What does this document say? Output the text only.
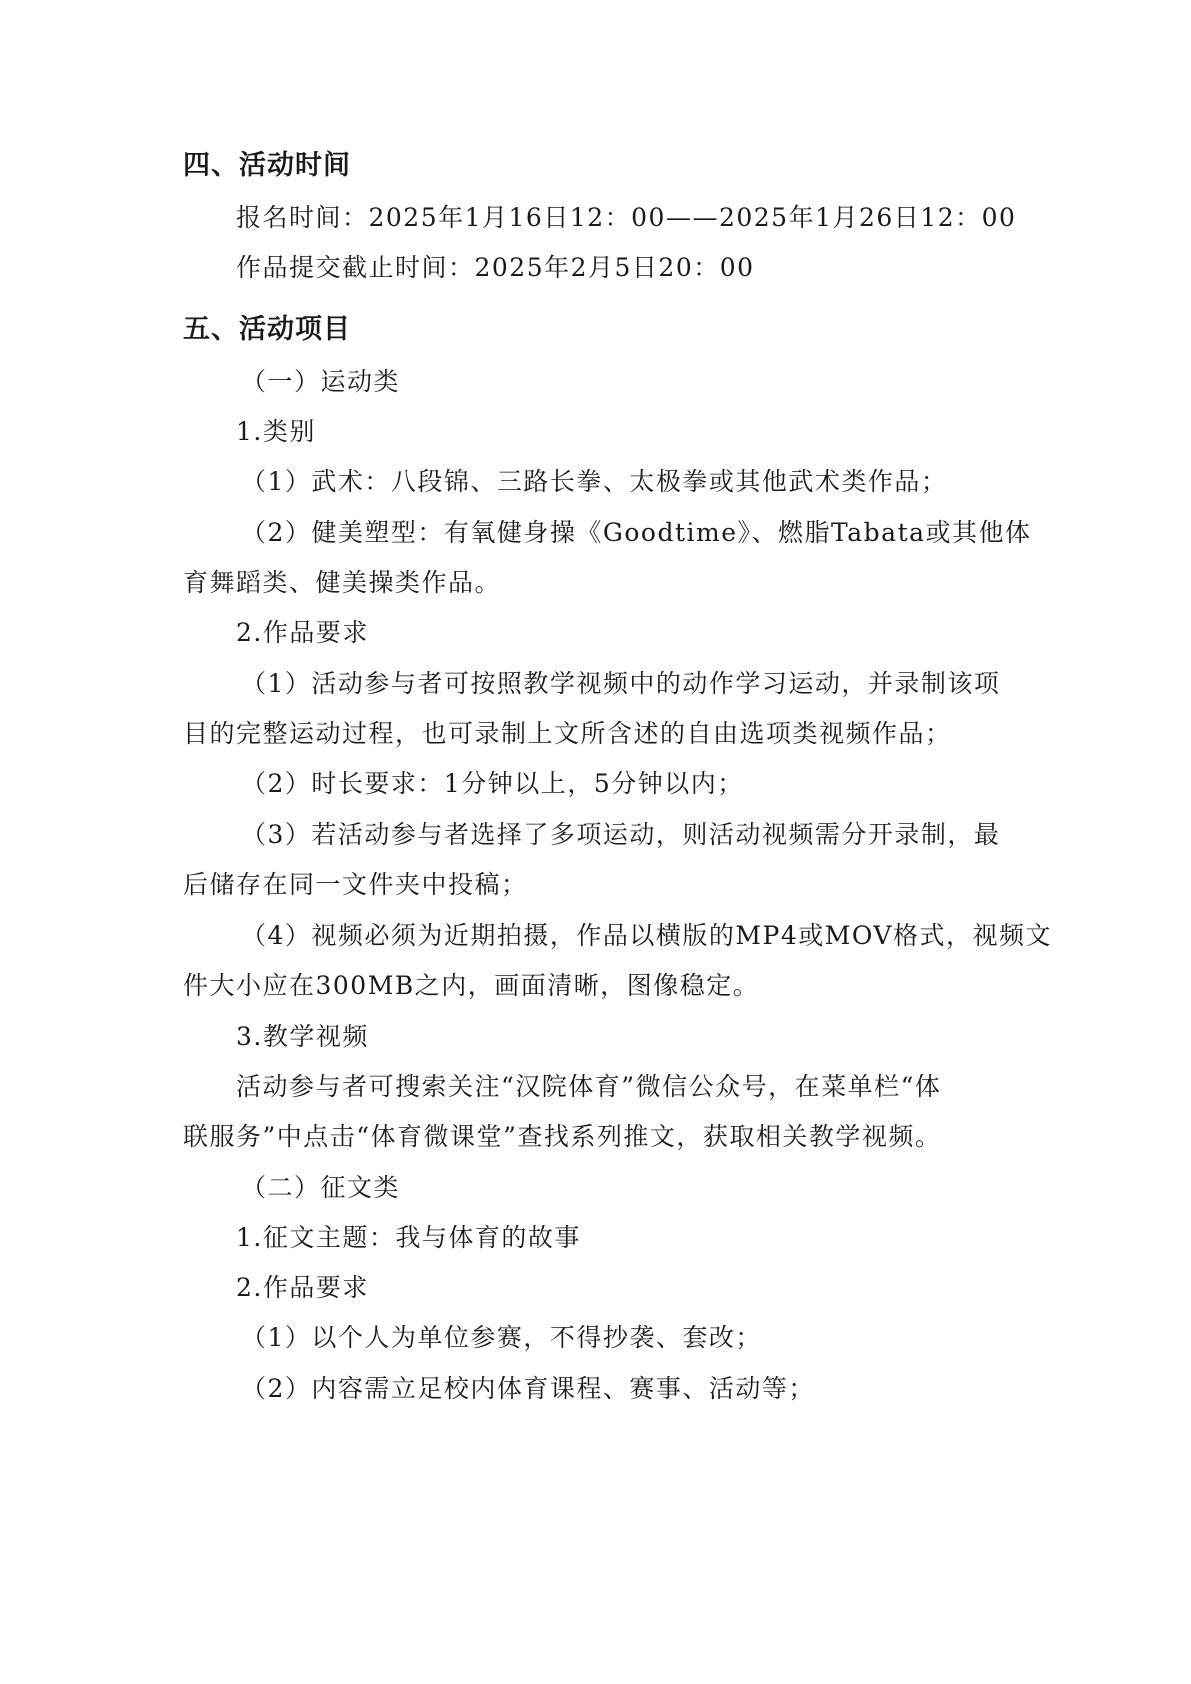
四、活动时间
报名时间：2025年1月16日12：00——2025年1月26日12：00
作品提交截止时间：2025年2月5日20：00
五、活动项目
（一）运动类
1.类别
（1）武术：八段锦、三路长拳、太极拳或其他武术类作品；
（2）健美塑型：有氧健身操《Goodtime》、燃脂Tabata或其他体
育舞蹈类、健美操类作品。
2.作品要求
（1）活动参与者可按照教学视频中的动作学习运动，并录制该项
目的完整运动过程，也可录制上文所含述的自由选项类视频作品；
（2）时长要求：1分钟以上，5分钟以内；
（3）若活动参与者选择了多项运动，则活动视频需分开录制，最
后储存在同一文件夹中投稿；
（4）视频必须为近期拍摄，作品以横版的MP4或MOV格式，视频文
件大小应在300MB之内，画面清晰，图像稳定。
3.教学视频
活动参与者可搜索关注“汉院体育”微信公众号，在菜单栏“体
联服务”中点击“体育微课堂”查找系列推文，获取相关教学视频。
（二）征文类
1.征文主题：我与体育的故事
2.作品要求
（1）以个人为单位参赛，不得抄袭、套改；
（2）内容需立足校内体育课程、赛事、活动等；
